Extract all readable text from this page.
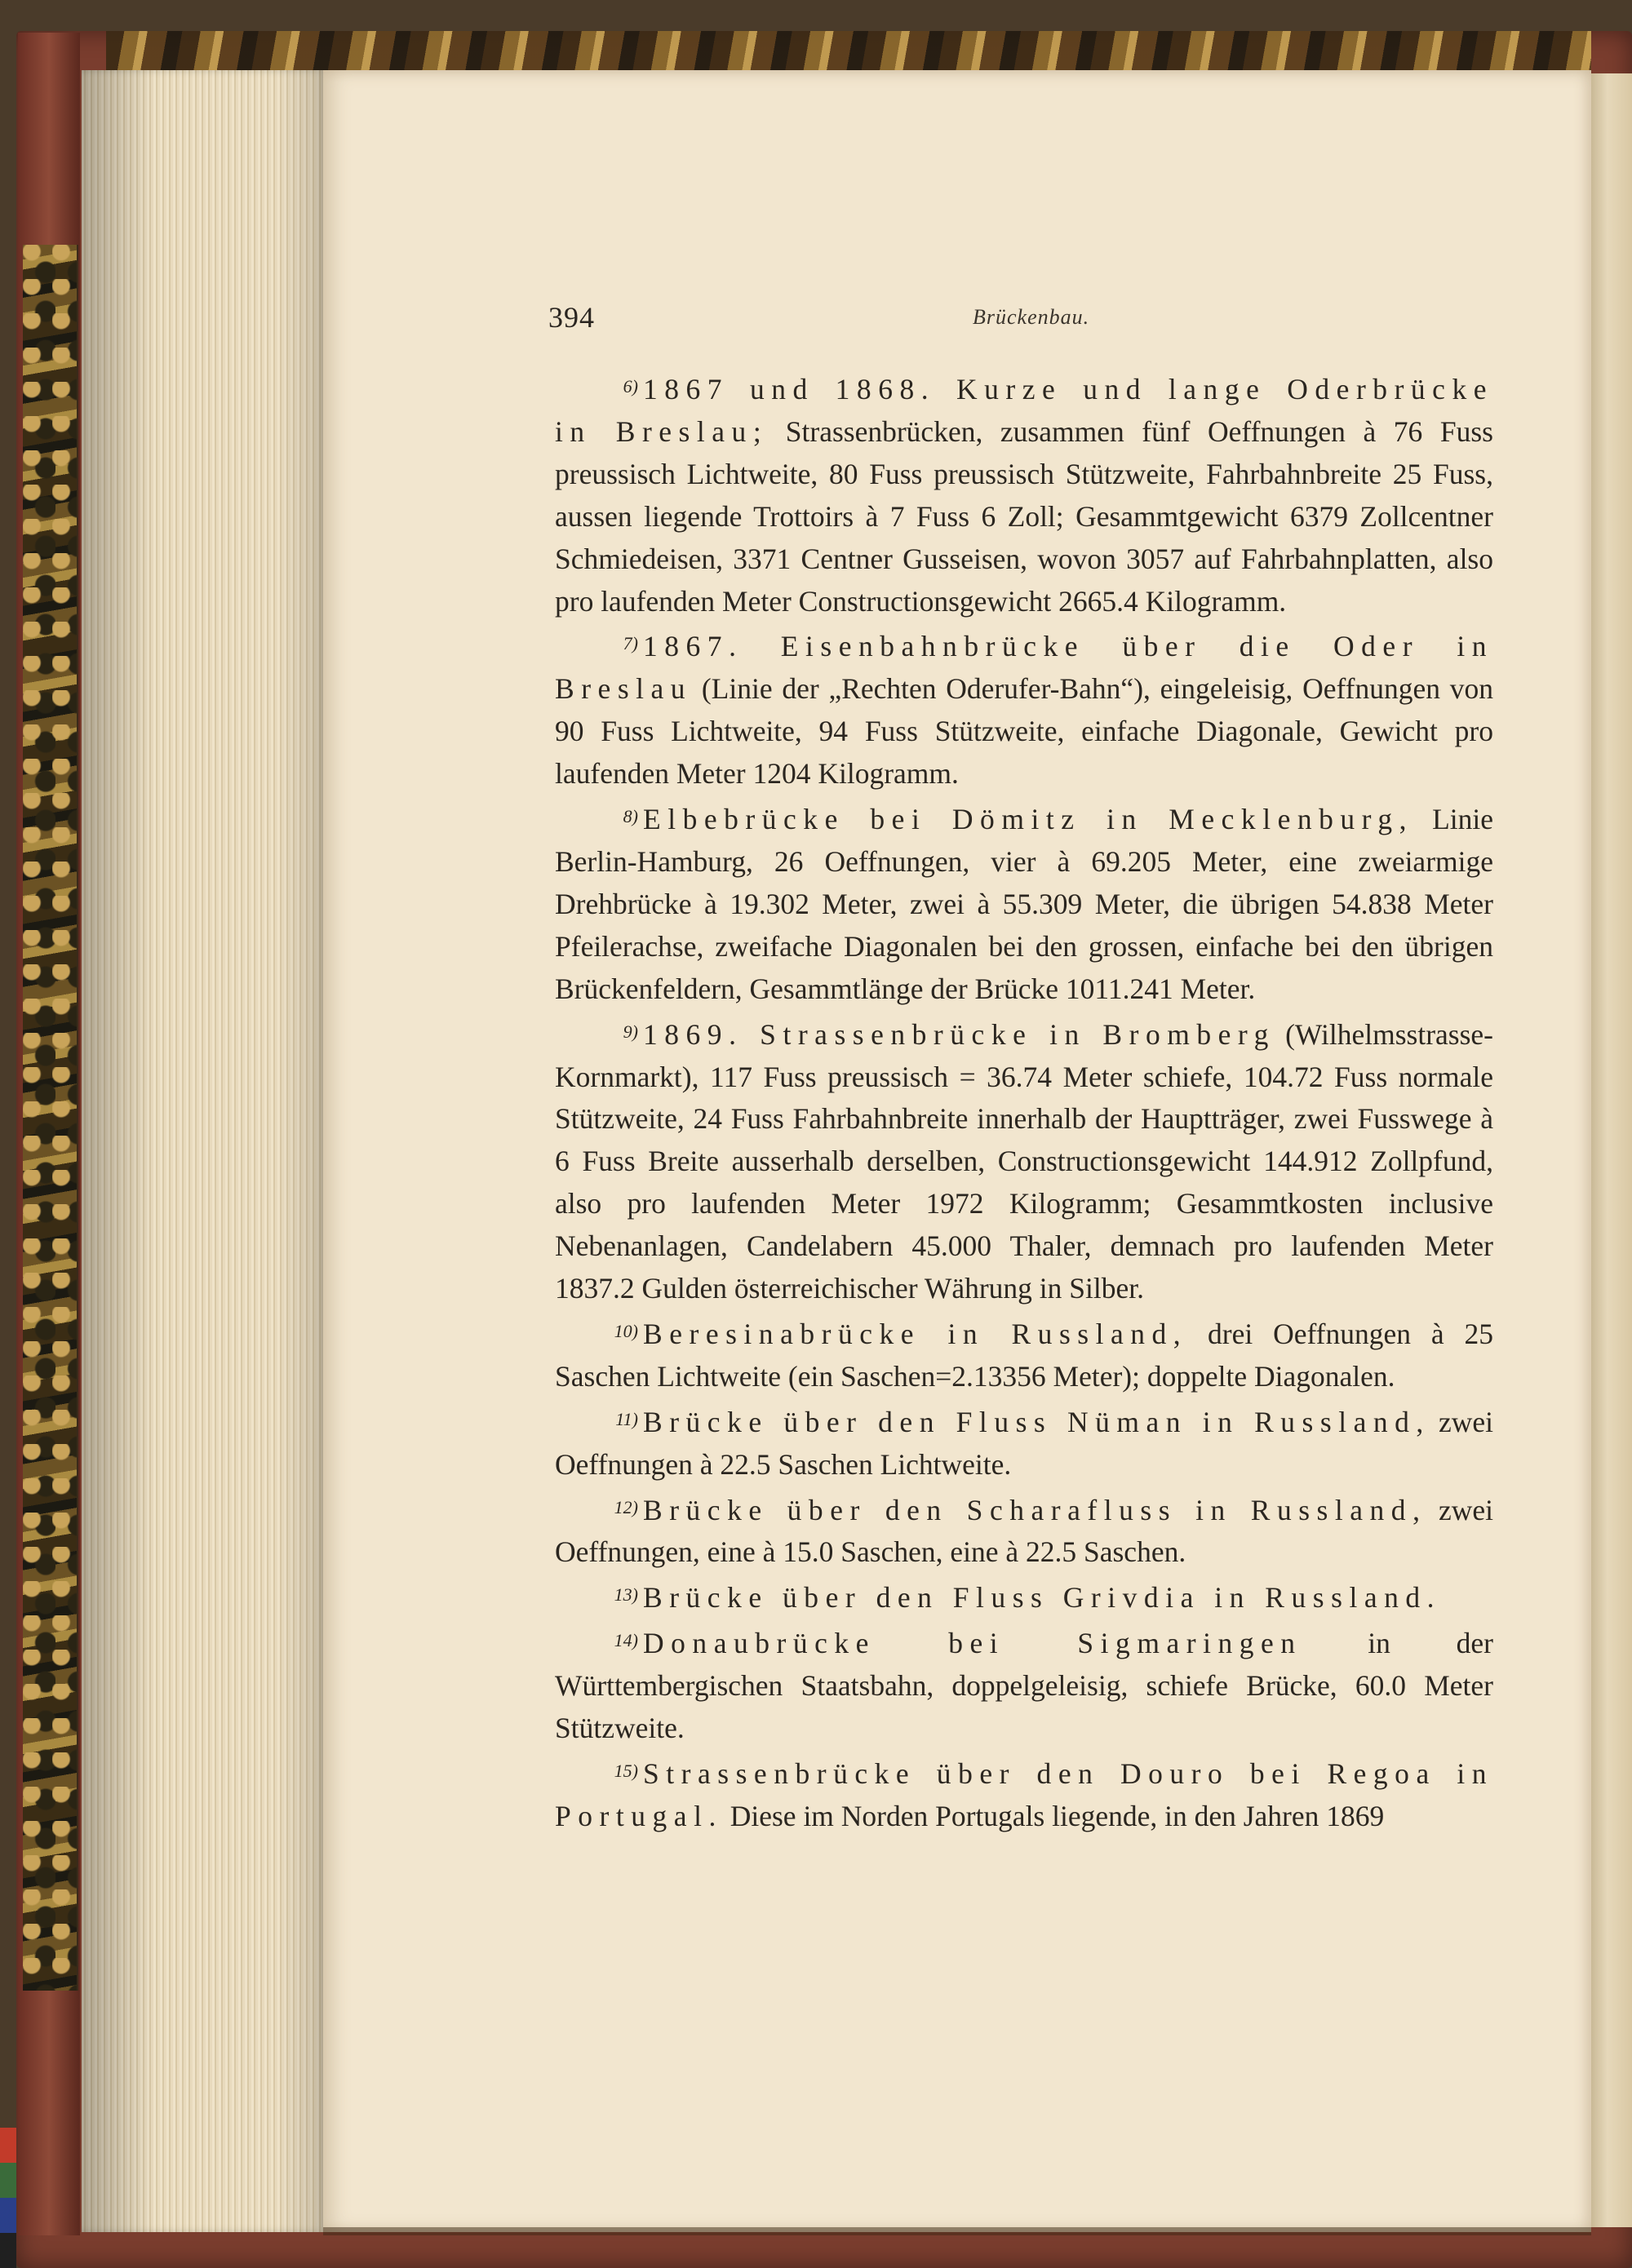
394	Brückenbau.

$^{6)}$ 1867 und 1868. Kurze und lange Oderbrücke in Breslau; Strassenbrücken, zusammen fünf Oeffnungen à 76 Fuss preussisch Lichtweite, 80 Fuss preussisch Stützweite, Fahrbahnbreite 25 Fuss, aussen liegende Trottoirs à 7 Fuss 6 Zoll; Gesammtgewicht 6379 Zollcentner Schmiedeisen, 3371 Centner Gusseisen, wovon 3057 auf Fahrbahnplatten, also pro laufenden Meter Constructionsgewicht 2665.4 Kilogramm.

$^{7)}$ 1867. Eisenbahnbrücke über die Oder in Breslau (Linie der „Rechten Oderufer-Bahn“), eingeleisig, Oeffnungen von 90 Fuss Lichtweite, 94 Fuss Stützweite, einfache Diagonale, Gewicht pro laufenden Meter 1204 Kilogramm.

$^{8)}$ Elbebrücke bei Dömitz in Mecklenburg, Linie Berlin-Hamburg, 26 Oeffnungen, vier à 69.205 Meter, eine zweiarmige Drehbrücke à 19.302 Meter, zwei à 55.309 Meter, die übrigen 54.838 Meter Pfeilerachse, zweifache Diagonalen bei den grossen, einfache bei den übrigen Brückenfeldern, Gesammtlänge der Brücke 1011.241 Meter.

$^{9)}$ 1869. Strassenbrücke in Bromberg (Wilhelmsstrasse-Kornmarkt), 117 Fuss preussisch = 36.74 Meter schiefe, 104.72 Fuss normale Stützweite, 24 Fuss Fahrbahnbreite innerhalb der Hauptträger, zwei Fusswege à 6 Fuss Breite ausserhalb derselben, Constructionsgewicht 144.912 Zollpfund, also pro laufenden Meter 1972 Kilogramm; Gesammtkosten inclusive Nebenanlagen, Candelabern 45.000 Thaler, demnach pro laufenden Meter 1837.2 Gulden österreichischer Währung in Silber.

$^{10)}$ Beresinabrücke in Russland, drei Oeffnungen à 25 Saschen Lichtweite (ein Saschen=2.13356 Meter); doppelte Diagonalen.

$^{11)}$ Brücke über den Fluss Nüman in Russland, zwei Oeffnungen à 22.5 Saschen Lichtweite.

$^{12)}$ Brücke über den Scharafluss in Russland, zwei Oeffnungen, eine à 15.0 Saschen, eine à 22.5 Saschen.

$^{13)}$ Brücke über den Fluss Grivdia in Russland.

$^{14)}$ Donaubrücke bei Sigmaringen in der Württembergischen Staatsbahn, doppelgeleisig, schiefe Brücke, 60.0 Meter Stützweite.

$^{15)}$ Strassenbrücke über den Douro bei Regoa in Portugal. Diese im Norden Portugals liegende, in den Jahren 1869
